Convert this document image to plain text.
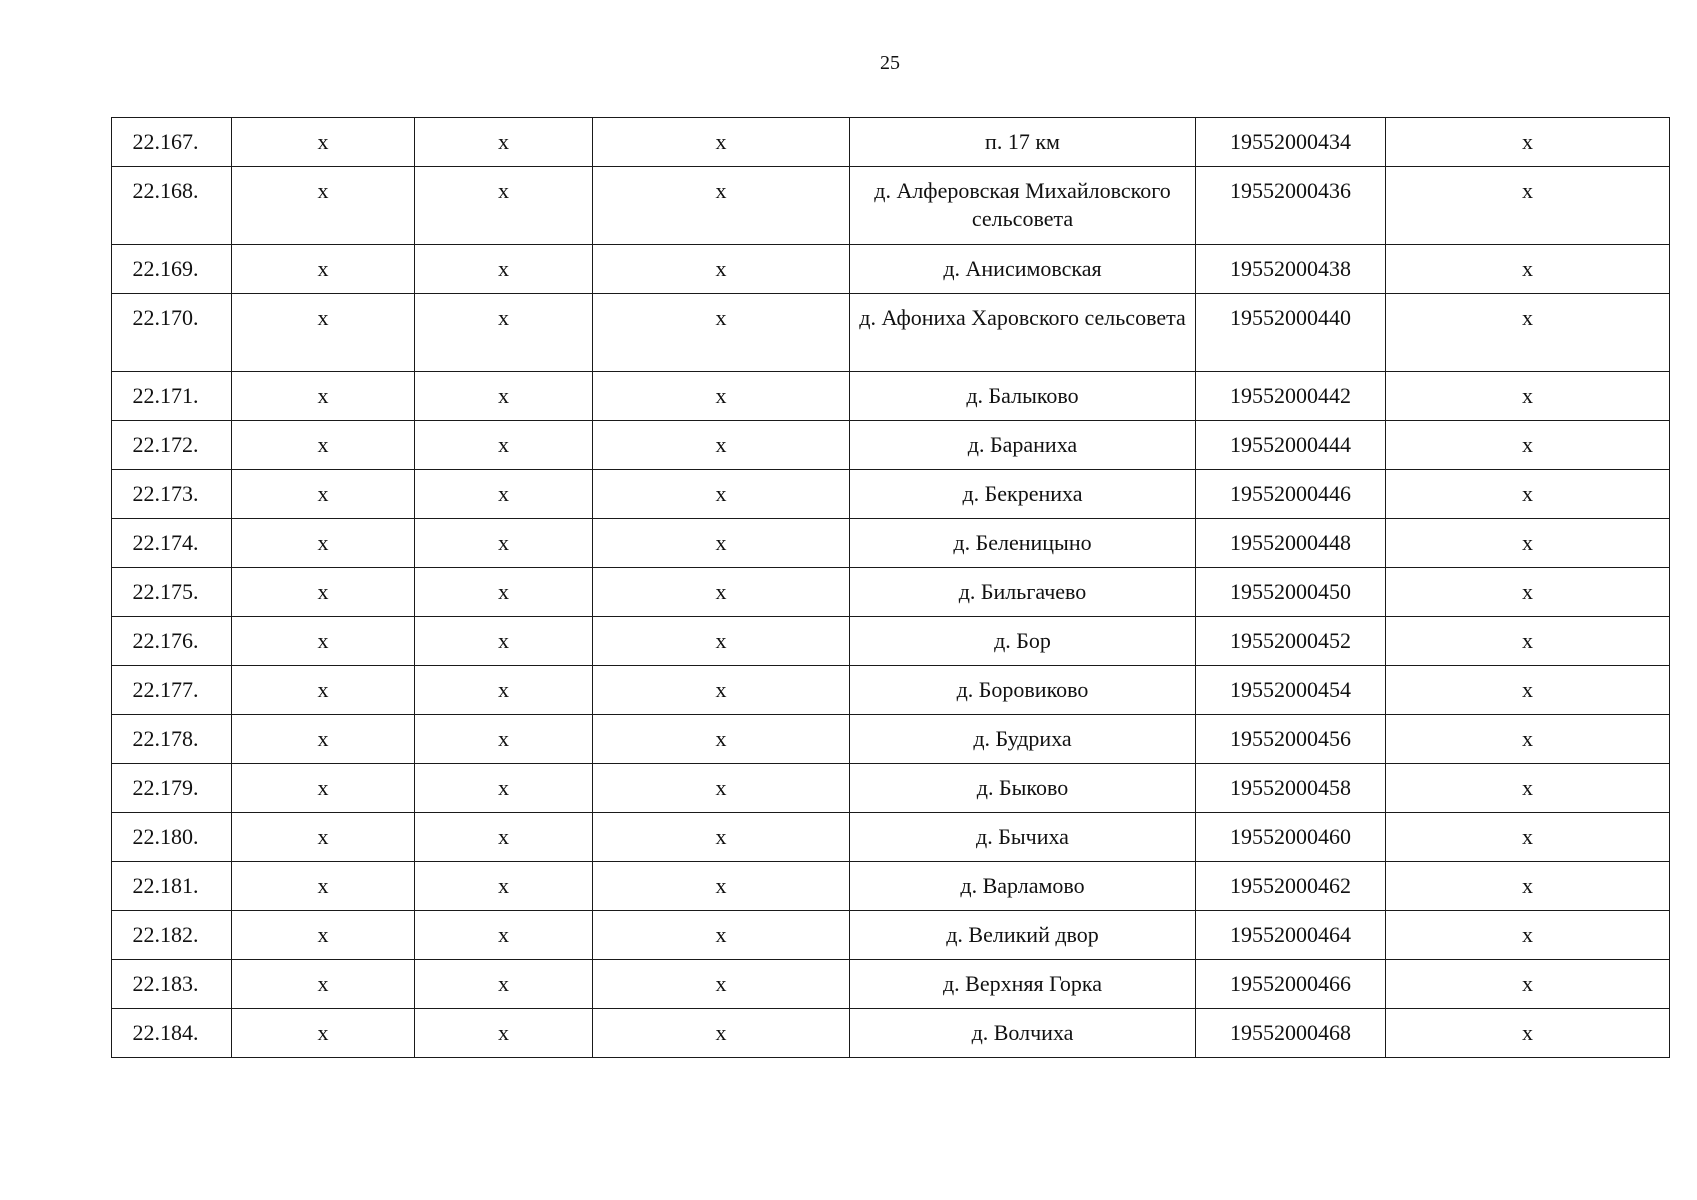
25
22.167.	x	x	x	п. 17 км	19552000434	x
22.168.	x	x	x	д. Алферовская Михайловского сельсовета	19552000436	x
22.169.	x	x	x	д. Анисимовская	19552000438	x
22.170.	x	x	x	д. Афониха Харовского сельсовета	19552000440	x
22.171.	x	x	x	д. Балыково	19552000442	x
22.172.	x	x	x	д. Бараниха	19552000444	x
22.173.	x	x	x	д. Бекрениха	19552000446	x
22.174.	x	x	x	д. Беленицыно	19552000448	x
22.175.	x	x	x	д. Бильгачево	19552000450	x
22.176.	x	x	x	д. Бор	19552000452	x
22.177.	x	x	x	д. Боровиково	19552000454	x
22.178.	x	x	x	д. Будриха	19552000456	x
22.179.	x	x	x	д. Быково	19552000458	x
22.180.	x	x	x	д. Бычиха	19552000460	x
22.181.	x	x	x	д. Варламово	19552000462	x
22.182.	x	x	x	д. Великий двор	19552000464	x
22.183.	x	x	x	д. Верхняя Горка	19552000466	x
22.184.	x	x	x	д. Волчиха	19552000468	x
